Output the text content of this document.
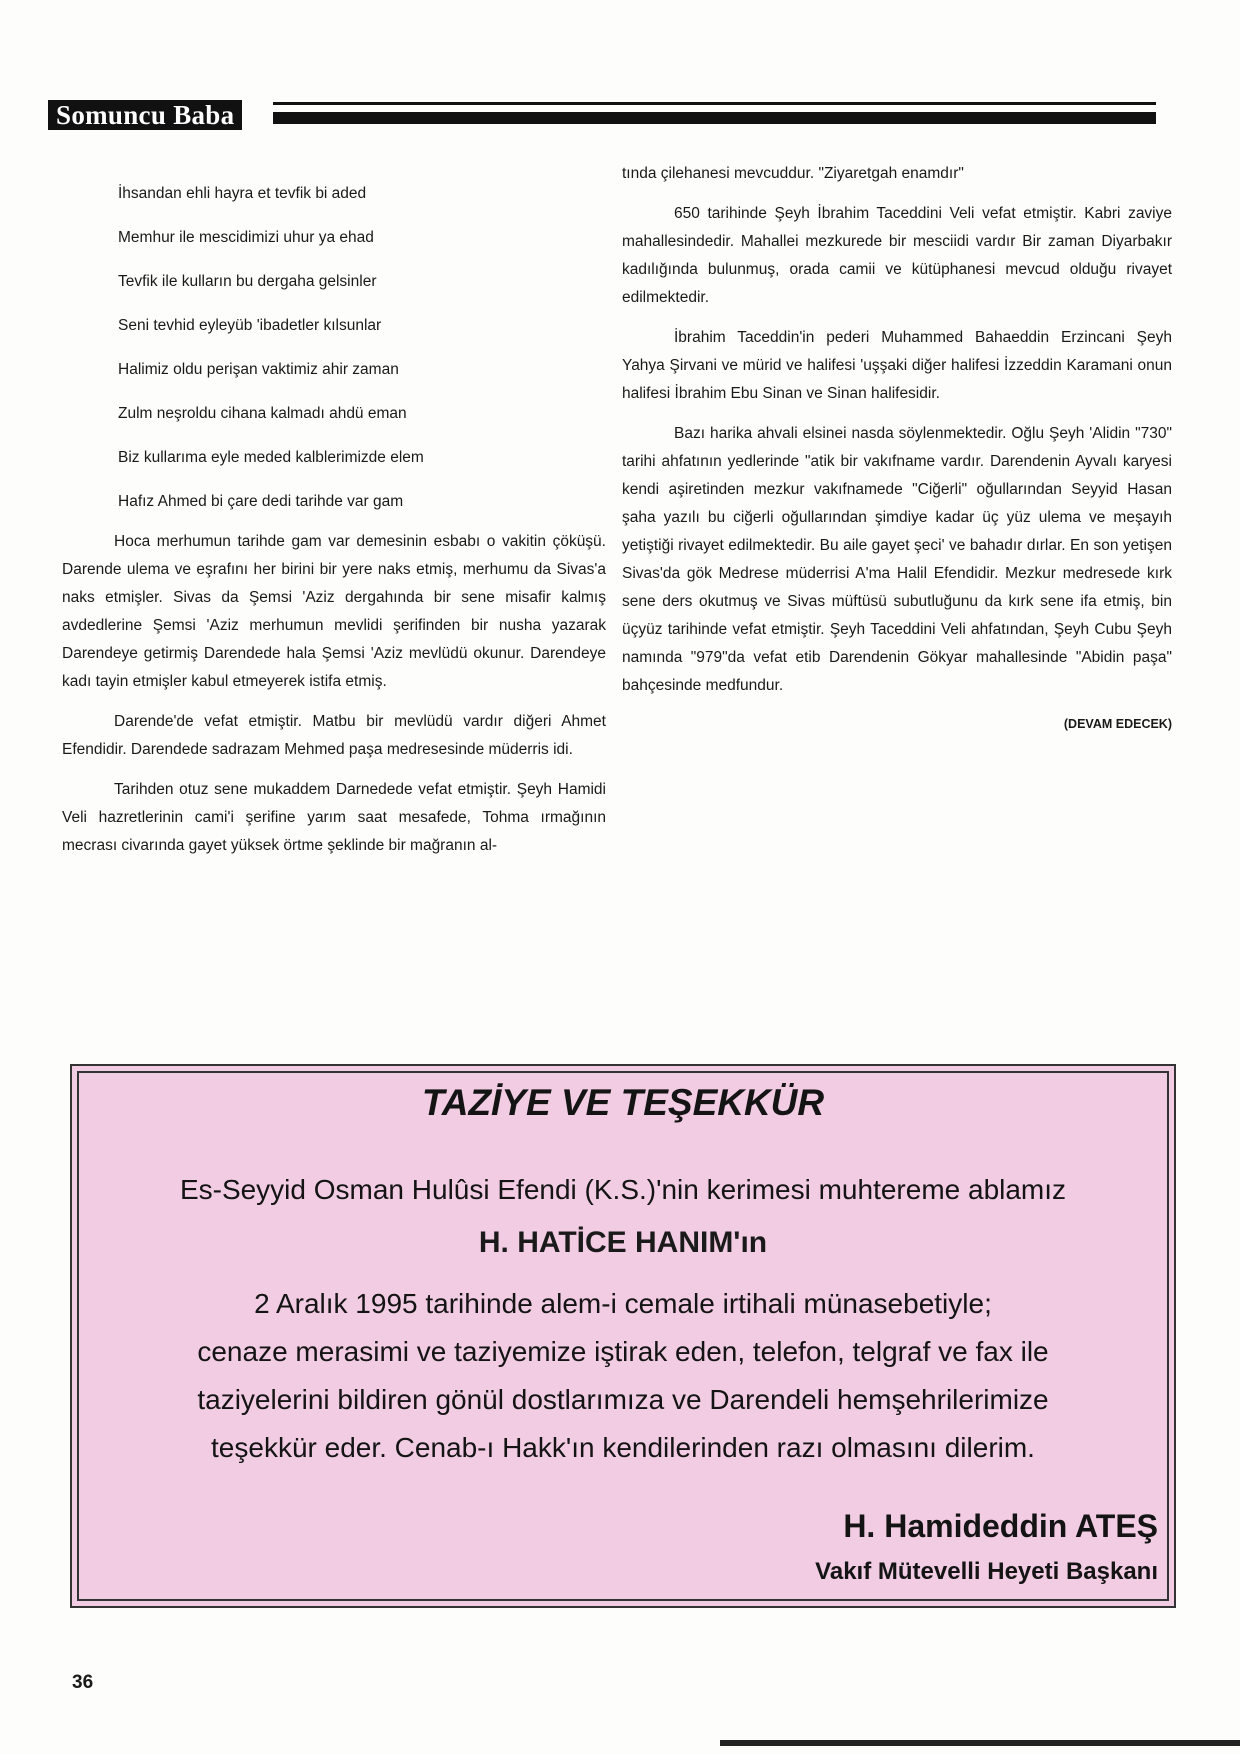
Somuncu Baba
İhsandan ehli hayra et tevfik bi aded
Memhur ile mescidimizi uhur ya ehad
Tevfik ile kulların bu dergaha gelsinler
Seni tevhid eyleyüb 'ibadetler kılsunlar
Halimiz oldu perişan vaktimiz ahir zaman
Zulm neşroldu cihana kalmadı ahdü eman
Biz kullarıma eyle meded kalblerimizde elem
Hafız Ahmed bi çare dedi tarihde var gam

Hoca merhumun tarihde gam var demesinin esbabı o vakitin çöküşü. Darende ulema ve eşrafını her birini bir yere naks etmiş, merhumu da Sivas'a naks etmişler. Sivas da Şemsi 'Aziz dergahında bir sene misafir kalmış avdedlerine Şemsi 'Aziz merhumun mevlidi şerifinden bir nusha yazarak Darendeye getirmiş Darendede hala Şemsi 'Aziz mevlüdü okunur. Darendeye kadı tayin etmişler kabul etmeyerek istifa etmiş.

Darende'de vefat etmiştir. Matbu bir mevlüdü vardır diğeri Ahmet Efendidir. Darendede sadrazam Mehmed paşa medresesinde müderris idi.

Tarihden otuz sene mukaddem Darnedede vefat etmiştir. Şeyh Hamidi Veli hazretlerinin cami'i şerifine yarım saat mesafede, Tohma ırmağının mecrası civarında gayet yüksek örtme şeklinde bir mağranın al-

tında çilehanesi mevcuddur. "Ziyaretgah enamdır"

650 tarihinde Şeyh İbrahim Taceddini Veli vefat etmiştir. Kabri zaviye mahallesindedir. Mahallei mezkurede bir mesciidi vardır Bir zaman Diyarbakır kadılığında bulunmuş, orada camii ve kütüphanesi mevcud olduğu rivayet edilmektedir.

İbrahim Taceddin'in pederi Muhammed Bahaeddin Erzincani Şeyh Yahya Şirvani ve mürid ve halifesi 'uşşaki diğer halifesi İzzeddin Karamani onun halifesi İbrahim Ebu Sinan ve Sinan halifesidir.

Bazı harika ahvali elsinei nasda söylenmektedir. Oğlu Şeyh 'Alidin "730" tarihi ahfatının yedlerinde "atik bir vakıfname vardır. Darendenin Ayvalı karyesi kendi aşiretinden mezkur vakıfnamede "Ciğerli" oğullarından Seyyid Hasan şaha yazılı bu ciğerli oğullarından şimdiye kadar üç yüz ulema ve meşayıh yetiştiği rivayet edilmektedir. Bu aile gayet şeci' ve bahadır dırlar. En son yetişen Sivas'da gök Medrese müderrisi A'ma Halil Efendidir. Mezkur medresede kırk sene ders okutmuş ve Sivas müftüsü subutluğunu da kırk sene ifa etmiş, bin üçyüz tarihinde vefat etmiştir. Şeyh Taceddini Veli ahfatından, Şeyh Cubu Şeyh namında "979"da vefat etib Darendenin Gökyar mahallesinde "Abidin paşa" bahçesinde medfundur.

(DEVAM EDECEK)
TAZİYE VE TEŞEKKÜR
Es-Seyyid Osman Hulûsi Efendi (K.S.)'nin kerimesi muhtereme ablamız
H. HATİCE HANIM'ın
2 Aralık 1995 tarihinde alem-i cemale irtihali münasebetiyle;
cenaze merasimi ve taziyemize iştirak eden, telefon, telgraf ve fax ile
taziyelerini bildiren gönül dostlarımıza ve Darendeli hemşehrilerimize
teşekkür eder. Cenab-ı Hakk'ın kendilerinden razı olmasını dilerim.
H. Hamideddin ATEŞ
Vakıf Mütevelli Heyeti Başkanı
36
